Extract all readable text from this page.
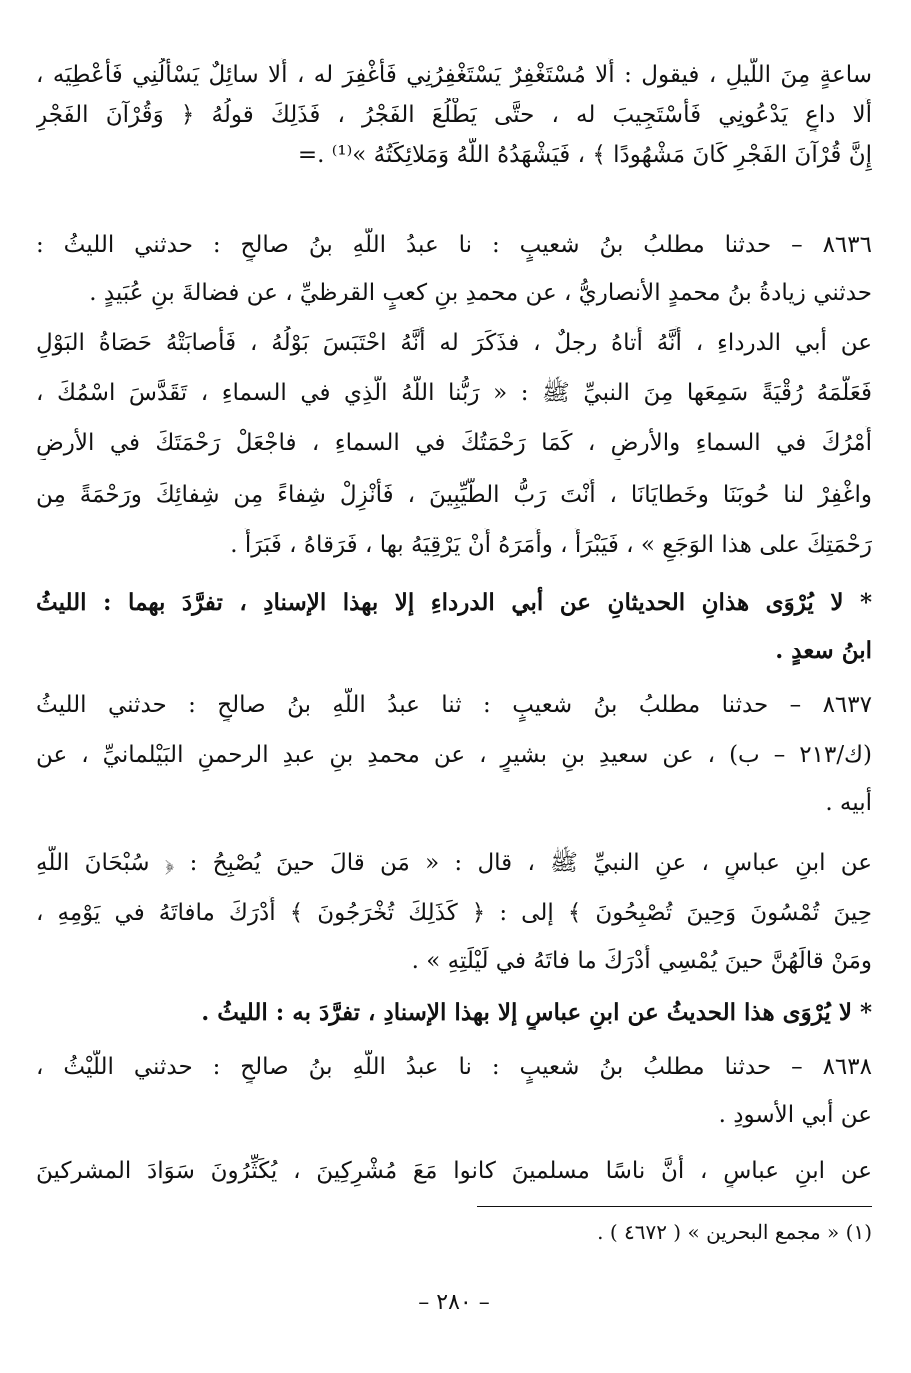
ساعةٍ مِنَ اللَّيلِ ، فيقول : أَلا مُسْتَغْفِرٌ يَسْتَغْفِرُنِي فَأَغْفِرَ له ، أَلا سائِلٌ يَسْأَلُنِي فَأُعْطِيَه ،
أَلا داعٍ يَدْعُونِي فَأَسْتَجِيبَ له ، حتَّى يَطْلُعَ الفَجْرُ ، فَذَلِكَ قولُهُ ﴿ وَقُرْآنَ الفَجْرِ
إِنَّ قُرْآنَ الفَجْرِ كَانَ مَشْهُودًا ﴾ ، فَيَشْهَدُهُ اللَّهُ وَمَلائِكَتُهُ »⁽¹⁾ .=
٨٦٣٦ – حدثنا مطلبُ بنُ شعيبٍ : نا عبدُ اللَّهِ بنُ صالحٍ : حدثني الليثُ :
حدثني زيادةُ بنُ محمدٍ الأنصاريُّ ، عن محمدِ بنِ كعبٍ القرظيِّ ، عن فضالةَ بنِ عُبَيدٍ .
عن أبي الدرداءِ ، أَنَّهُ أَتاهُ رجلٌ ، فذَكَرَ له أَنَّهُ احْتَبَسَ بَوْلُهُ ، فَأَصابَتْهُ حَصَاةُ البَوْلِ
فَعَلَّمَهُ رُقْيَةً سَمِعَها مِنَ النبيِّ ﷺ : « رَبُّنا اللَّهُ الَّذِي في السماءِ ، تَقَدَّسَ اسْمُكَ ،
أَمْرُكَ في السماءِ والأرضِ ، كَمَا رَحْمَتُكَ في السماءِ ، فاجْعَلْ رَحْمَتَكَ في الأرضِ
واغْفِرْ لنا حُوبَنَا وخَطايَانَا ، أَنْتَ رَبُّ الطَّيِّبِينَ ، فَأَنْزِلْ شِفاءً مِن شِفائِكَ ورَحْمَةً مِن
رَحْمَتِكَ على هذا الوَجَعِ » ، فَيَبْرَأُ ، وأَمَرَهُ أَنْ يَرْقِيَهُ بها ، فَرَقاهُ ، فَبَرَأَ .
* لا يُرْوَى هذانِ الحديثانِ عن أبي الدرداءِ إلا بهذا الإسنادِ ، تفرَّدَ بهما : الليثُ
ابنُ سعدٍ .
٨٦٣٧ – حدثنا مطلبُ بنُ شعيبٍ : ثنا عبدُ اللَّهِ بنُ صالحٍ : حدثني الليثُ
(ك/٢١٣ – ب) ، عن سعيدِ بنِ بشيرٍ ، عن محمدِ بنِ عبدِ الرحمنِ البَيْلمانيِّ ، عن
أبيه .
عن ابنِ عباسٍ ، عنِ النبيِّ ﷺ ، قال : « مَن قالَ حينَ يُصْبِحُ : ﴿ سُبْحَانَ اللَّهِ
حِينَ تُمْسُونَ وَحِينَ تُصْبِحُونَ ﴾ إلى : ﴿ كَذَلِكَ تُخْرَجُونَ ﴾ أَدْرَكَ مافاتَهُ في يَوْمِهِ ،
ومَنْ قالَهُنَّ حينَ يُمْسِي أَدْرَكَ ما فاتَهُ في لَيْلَتِهِ » .
* لا يُرْوَى هذا الحديثُ عن ابنِ عباسٍ إلا بهذا الإسنادِ ، تفرَّدَ به : الليثُ .
٨٦٣٨ – حدثنا مطلبُ بنُ شعيبٍ : نا عبدُ اللَّهِ بنُ صالحٍ : حدثني اللَّيْثُ ،
عن أبي الأسودِ .
عن ابنِ عباسٍ ، أَنَّ ناسًا مسلمينَ كانوا مَعَ مُشْرِكِينَ ، يُكَثِّرُونَ سَوَادَ المشركينَ
(١) « مجمع البحرين » ( ٤٦٧٢ ) .
– ٢٨٠ –
